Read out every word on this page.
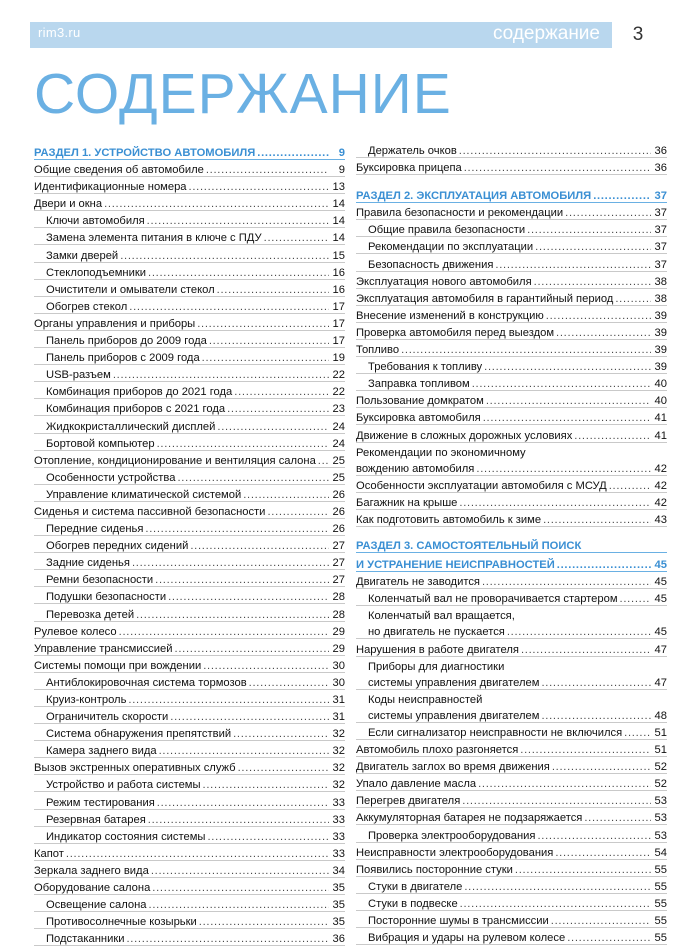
rim3.ru	содержание	3
СОДЕРЖАНИЕ
РАЗДЕЛ 1. УСТРОЙСТВО АВТОМОБИЛЯ . . .	9
Общие сведения об автомобиле . . .	9
Идентификационные номера . . .	13
Двери и окна . . .	14
Ключи автомобиля . . .	14
Замена элемента питания в ключе с ПДУ . . .	14
Замки дверей . . .	15
Стеклоподъемники . . .	16
Очистители и омыватели стекол . . .	16
Обогрев стекол . . .	17
Органы управления и приборы . . .	17
Панель приборов до 2009 года . . .	17
Панель приборов с 2009 года . . .	19
USB-разъем . . .	22
Комбинация приборов до 2021 года . . .	22
Комбинация приборов с 2021 года . . .	23
Жидкокристаллический дисплей . . .	24
Бортовой компьютер . . .	24
Отопление, кондиционирование и вентиляция салона . . . 25
Особенности устройства . . .	25
Управление климатической системой . . .	26
Сиденья и система пассивной безопасности . . .	26
Передние сиденья . . .	26
Обогрев передних сидений . . .	27
Задние сиденья . . .	27
Ремни безопасности . . .	27
Подушки безопасности . . .	28
Перевозка детей . . .	28
Рулевое колесо . . .	29
Управление трансмиссией . . .	29
Системы помощи при вождении . . .	30
Антиблокировочная система тормозов . . .	30
Круиз-контроль . . .	31
Ограничитель скорости . . .	31
Система обнаружения препятствий . . .	32
Камера заднего вида . . .	32
Вызов экстренных оперативных служб . . .	32
Устройство и работа системы . . .	32
Режим тестирования . . .	33
Резервная батарея . . .	33
Индикатор состояния системы . . .	33
Капот . . .	33
Зеркала заднего вида . . .	34
Оборудование салона . . .	35
Освещение салона . . .	35
Противосолнечные козырьки . . .	35
Подстаканники . . .	36
Держатель очков . . .	36
Буксировка прицепа . . .	36
РАЗДЕЛ 2. ЭКСПЛУАТАЦИЯ АВТОМОБИЛЯ . . .	37
Правила безопасности и рекомендации . . .	37
Общие правила безопасности . . .	37
Рекомендации по эксплуатации . . .	37
Безопасность движения . . .	37
Эксплуатация нового автомобиля . . .	38
Эксплуатация автомобиля в гарантийный период . . .	38
Внесение изменений в конструкцию . . .	39
Проверка автомобиля перед выездом . . .	39
Топливо . . .	39
Требования к топливу . . .	39
Заправка топливом . . .	40
Пользование домкратом . . .	40
Буксировка автомобиля . . .	41
Движение в сложных дорожных условиях . . .	41
Рекомендации по экономичному
вождению автомобиля . . .	42
Особенности эксплуатации автомобиля с МСУД . . .	42
Багажник на крыше . . .	42
Как подготовить автомобиль к зиме . . .	43
РАЗДЕЛ 3. САМОСТОЯТЕЛЬНЫЙ ПОИСК
И УСТРАНЕНИЕ НЕИСПРАВНОСТЕЙ . . .	45
Двигатель не заводится . . .	45
Коленчатый вал не проворачивается стартером . . .	45
Коленчатый вал вращается,
но двигатель не пускается . . .	45
Нарушения в работе двигателя . . .	47
Приборы для диагностики
системы управления двигателем . . .	47
Коды неисправностей
системы управления двигателем . . .	48
Если сигнализатор неисправности не включился . . .	51
Автомобиль плохо разгоняется . . .	51
Двигатель заглох во время движения . . .	52
Упало давление масла . . .	52
Перегрев двигателя . . .	53
Аккумуляторная батарея не подзаряжается . . .	53
Проверка электрооборудования . . .	53
Неисправности электрооборудования . . .	54
Появились посторонние стуки . . .	55
Стуки в двигателе . . .	55
Стуки в подвеске . . .	55
Посторонние шумы в трансмиссии . . .	55
Вибрация и удары на рулевом колесе . . .	55
